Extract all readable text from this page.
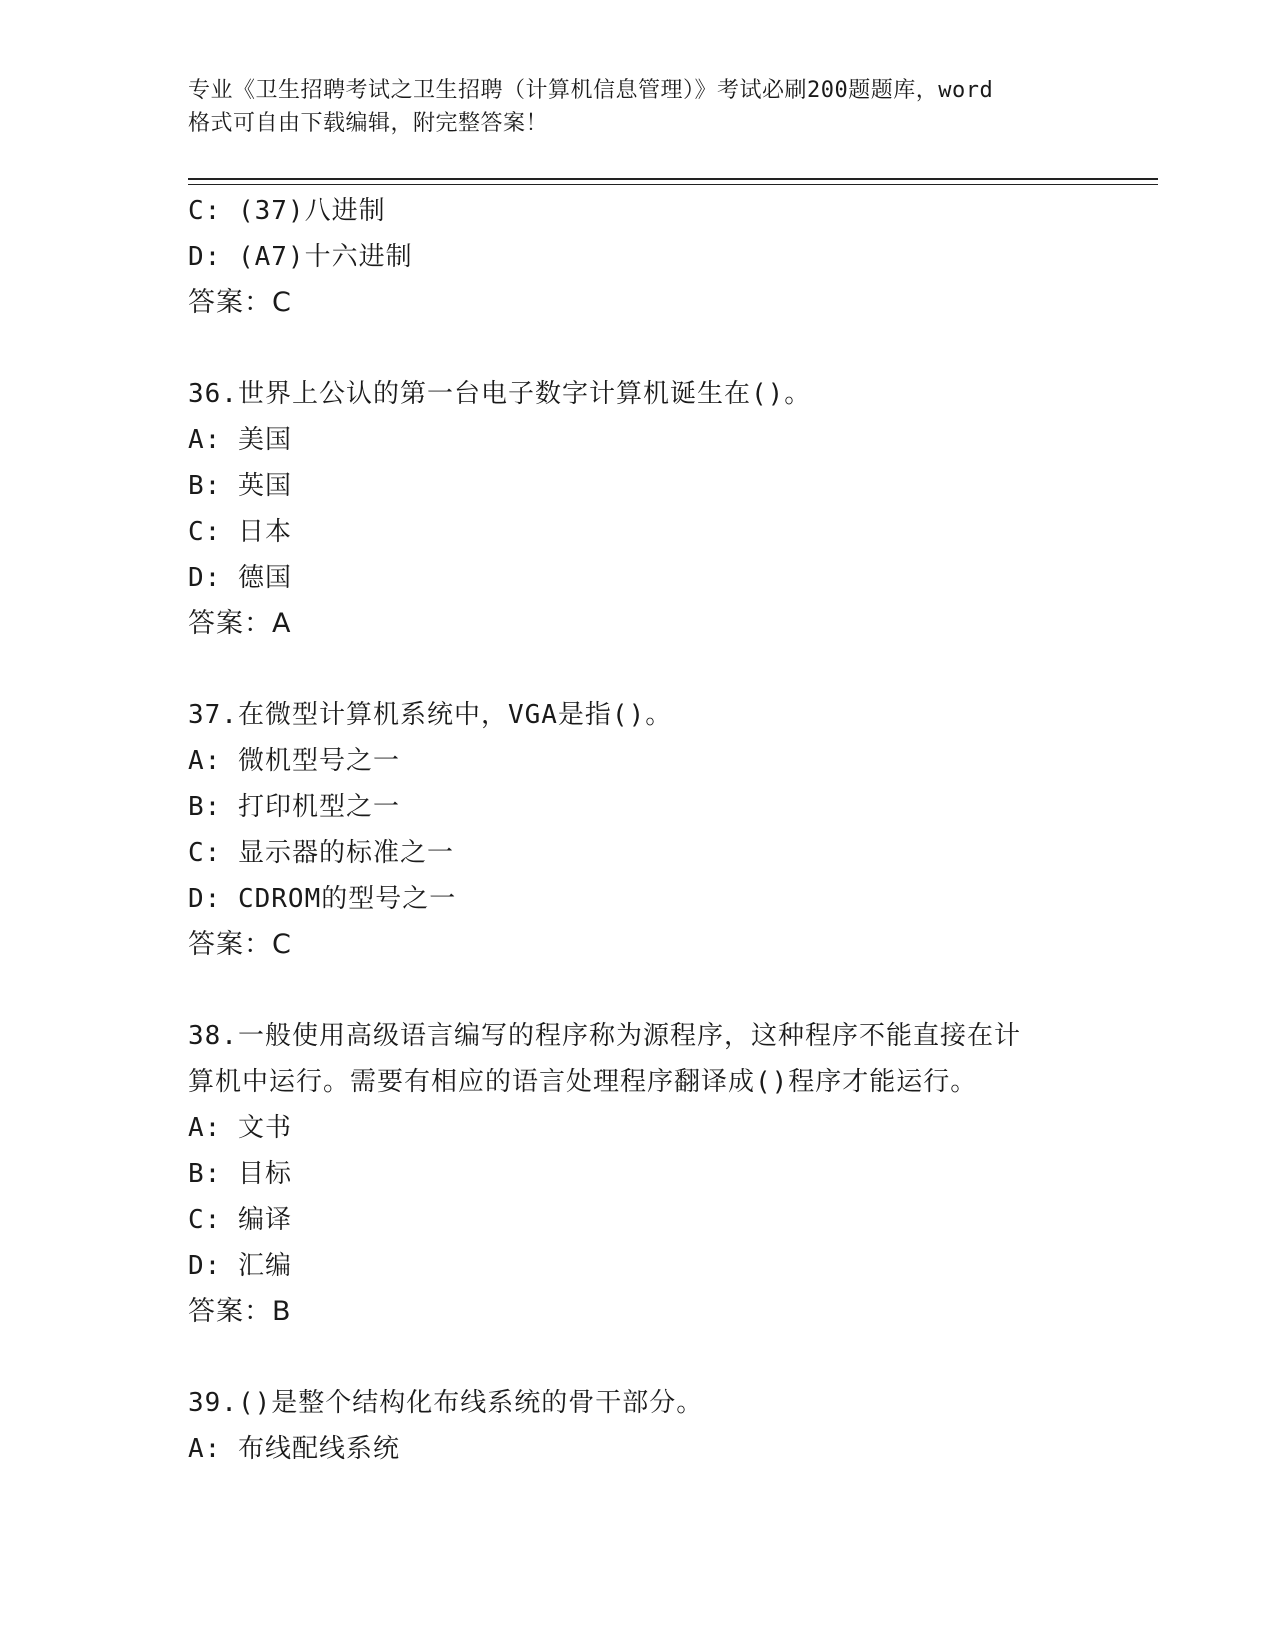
专业《卫生招聘考试之卫生招聘（计算机信息管理）》考试必刷200题题库，word
格式可自由下载编辑，附完整答案！
C: (37)八进制
D: (A7)十六进制
答案：C
36.世界上公认的第一台电子数字计算机诞生在()。
A: 美国
B: 英国
C: 日本
D: 德国
答案：A
37.在微型计算机系统中，VGA是指()。
A: 微机型号之一
B: 打印机型之一
C: 显示器的标准之一
D: CDROM的型号之一
答案：C
38.一般使用高级语言编写的程序称为源程序，这种程序不能直接在计
算机中运行。需要有相应的语言处理程序翻译成()程序才能运行。
A: 文书
B: 目标
C: 编译
D: 汇编
答案：B
39.()是整个结构化布线系统的骨干部分。
A: 布线配线系统
